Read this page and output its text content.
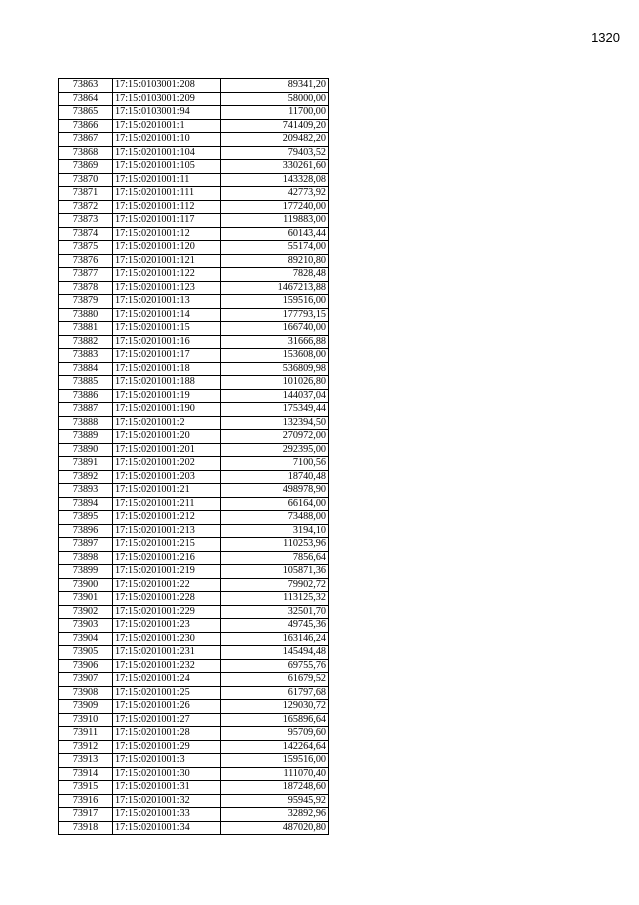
1320
73863	17:15:0103001:208	89341,20
73864	17:15:0103001:209	58000,00
73865	17:15:0103001:94	11700,00
73866	17:15:0201001:1	741409,20
73867	17:15:0201001:10	209482,20
73868	17:15:0201001:104	79403,52
73869	17:15:0201001:105	330261,60
73870	17:15:0201001:11	143328,08
73871	17:15:0201001:111	42773,92
73872	17:15:0201001:112	177240,00
73873	17:15:0201001:117	119883,00
73874	17:15:0201001:12	60143,44
73875	17:15:0201001:120	55174,00
73876	17:15:0201001:121	89210,80
73877	17:15:0201001:122	7828,48
73878	17:15:0201001:123	1467213,88
73879	17:15:0201001:13	159516,00
73880	17:15:0201001:14	177793,15
73881	17:15:0201001:15	166740,00
73882	17:15:0201001:16	31666,88
73883	17:15:0201001:17	153608,00
73884	17:15:0201001:18	536809,98
73885	17:15:0201001:188	101026,80
73886	17:15:0201001:19	144037,04
73887	17:15:0201001:190	175349,44
73888	17:15:0201001:2	132394,50
73889	17:15:0201001:20	270972,00
73890	17:15:0201001:201	292395,00
73891	17:15:0201001:202	7100,56
73892	17:15:0201001:203	18740,48
73893	17:15:0201001:21	498978,90
73894	17:15:0201001:211	66164,00
73895	17:15:0201001:212	73488,00
73896	17:15:0201001:213	3194,10
73897	17:15:0201001:215	110253,96
73898	17:15:0201001:216	7856,64
73899	17:15:0201001:219	105871,36
73900	17:15:0201001:22	79902,72
73901	17:15:0201001:228	113125,32
73902	17:15:0201001:229	32501,70
73903	17:15:0201001:23	49745,36
73904	17:15:0201001:230	163146,24
73905	17:15:0201001:231	145494,48
73906	17:15:0201001:232	69755,76
73907	17:15:0201001:24	61679,52
73908	17:15:0201001:25	61797,68
73909	17:15:0201001:26	129030,72
73910	17:15:0201001:27	165896,64
73911	17:15:0201001:28	95709,60
73912	17:15:0201001:29	142264,64
73913	17:15:0201001:3	159516,00
73914	17:15:0201001:30	111070,40
73915	17:15:0201001:31	187248,60
73916	17:15:0201001:32	95945,92
73917	17:15:0201001:33	32892,96
73918	17:15:0201001:34	487020,80
